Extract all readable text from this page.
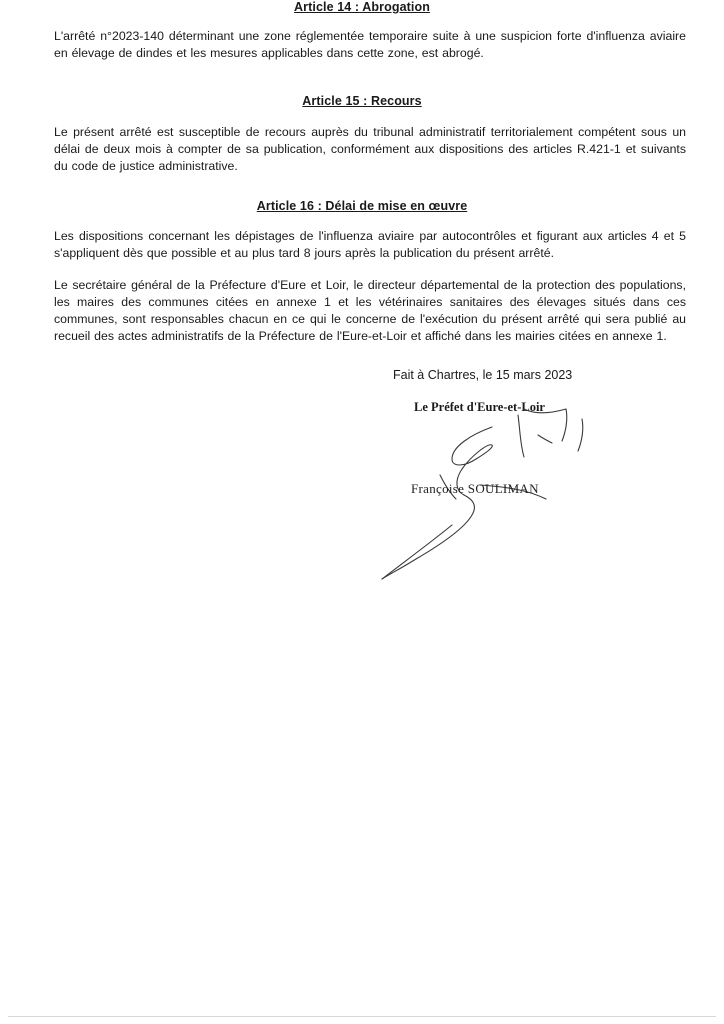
Article 14 : Abrogation
L'arrêté n°2023-140 déterminant une zone réglementée temporaire suite à une suspicion forte d'influenza aviaire en élevage de dindes et les mesures applicables dans cette zone, est abrogé.
Article 15 : Recours
Le présent arrêté est susceptible de recours auprès du tribunal administratif territorialement compétent sous un délai de deux mois à compter de sa publication, conformément aux dispositions des articles R.421-1 et suivants du code de justice administrative.
Article 16 : Délai de mise en œuvre
Les dispositions concernant les dépistages de l'influenza aviaire par autocontrôles et figurant aux articles 4 et 5 s'appliquent dès que possible et au plus tard 8 jours après la publication du présent arrêté.
Le secrétaire général de la Préfecture d'Eure et Loir, le directeur départemental de la protection des populations, les maires des communes citées en annexe 1 et les vétérinaires sanitaires des élevages situés dans ces communes, sont responsables chacun en ce qui le concerne de l'exécution du présent arrêté qui sera publié au recueil des actes administratifs de la Préfecture de l'Eure-et-Loir et affiché dans les mairies citées en annexe 1.
Fait à Chartres, le 15 mars 2023
Le Préfet d'Eure-et-Loir
Françoise SOULIMAN
